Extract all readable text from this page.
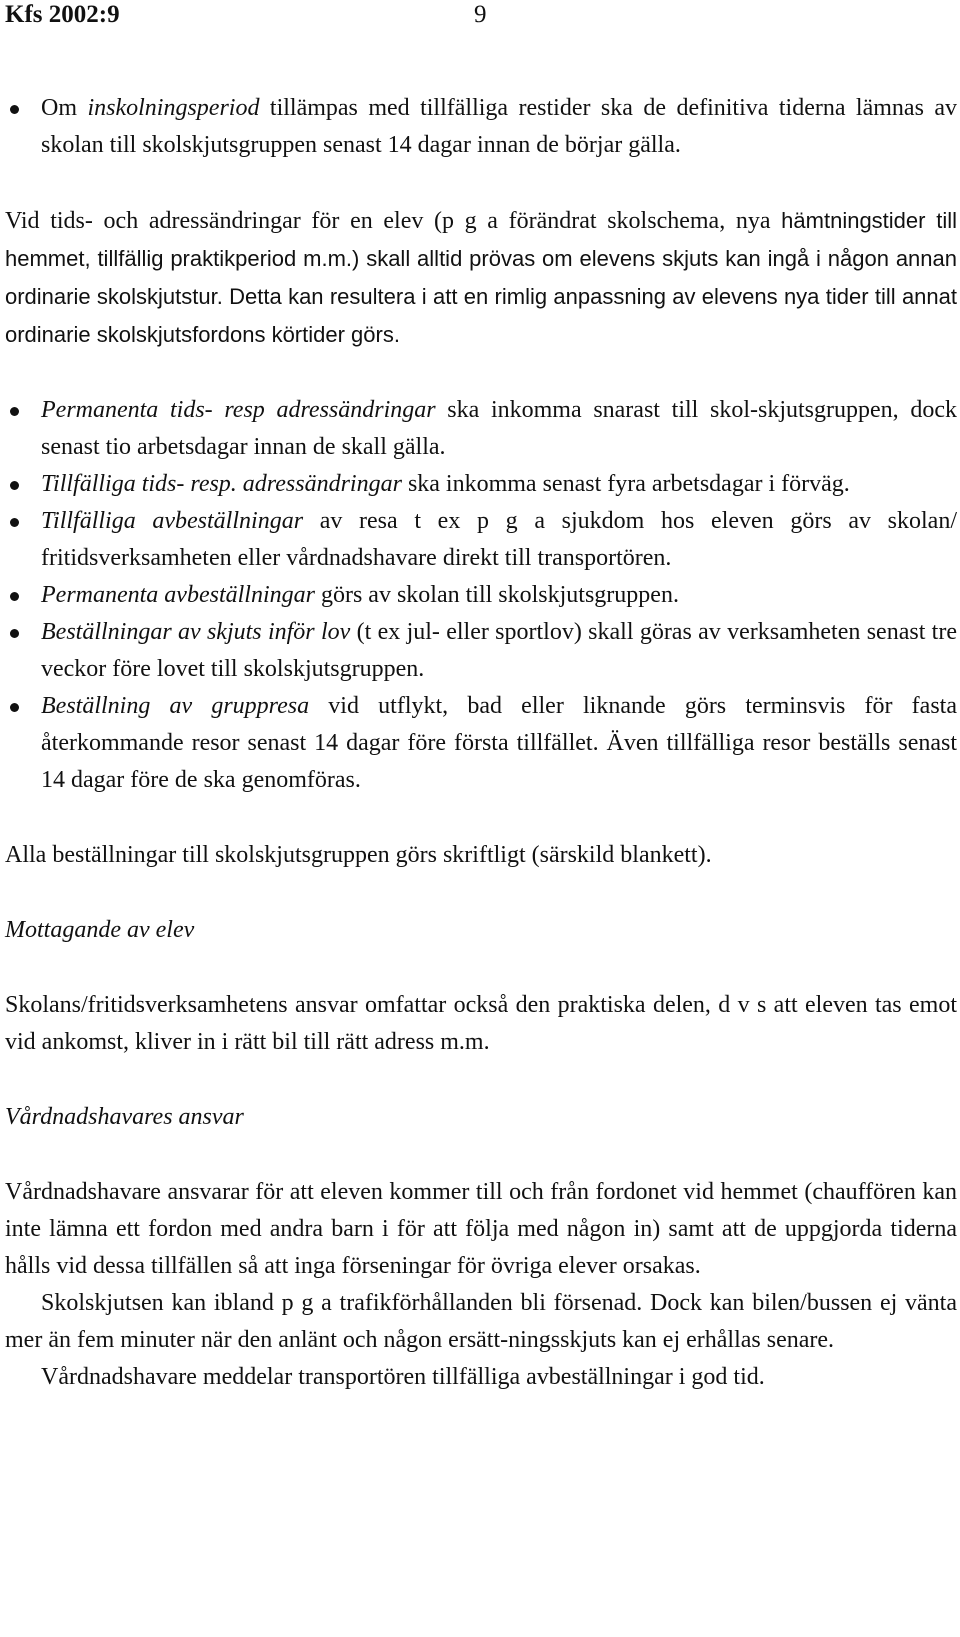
Kfs 2002:9	9

Om inskolningsperiod tillämpas med tillfälliga restider ska de definitiva tiderna lämnas av skolan till skolskjutsgruppen senast 14 dagar innan de börjar gälla.

Vid tids- och adressändringar för en elev (p g a förändrat skolschema, nya hämtningstider till hemmet, tillfällig praktikperiod m.m.) skall alltid prövas om elevens skjuts kan ingå i någon annan ordinarie skolskjutstur. Detta kan resultera i att en rimlig anpassning av elevens nya tider till annat ordinarie skolskjutsfordons körtider görs.

Permanenta tids- resp adressändringar ska inkomma snarast till skol-skjutsgruppen, dock senast tio arbetsdagar innan de skall gälla.

Tillfälliga tids- resp. adressändringar ska inkomma senast fyra arbetsdagar i förväg.

Tillfälliga avbeställningar av resa t ex p g a sjukdom hos eleven görs av skolan/ fritidsverksamheten eller vårdnadshavare direkt till transportören.

Permanenta avbeställningar görs av skolan till skolskjutsgruppen.

Beställningar av skjuts inför lov (t ex jul- eller sportlov) skall göras av verksamheten senast tre veckor före lovet till skolskjutsgruppen.

Beställning av gruppresa vid utflykt, bad eller liknande görs terminsvis för fasta återkommande resor senast 14 dagar före första tillfället. Även tillfälliga resor beställs senast 14 dagar före de ska genomföras.

Alla beställningar till skolskjutsgruppen görs skriftligt (särskild blankett).

Mottagande av elev

Skolans/fritidsverksamhetens ansvar omfattar också den praktiska delen, d v s att eleven tas emot vid ankomst, kliver in i rätt bil till rätt adress m.m.

Vårdnadshavares ansvar

Vårdnadshavare ansvarar för att eleven kommer till och från fordonet vid hemmet (chauffören kan inte lämna ett fordon med andra barn i för att följa med någon in) samt att de uppgjorda tiderna hålls vid dessa tillfällen så att inga förseningar för övriga elever orsakas.

Skolskjutsen kan ibland p g a trafikförhållanden bli försenad. Dock kan bilen/bussen ej vänta mer än fem minuter när den anlänt och någon ersätt-ningsskjuts kan ej erhållas senare.

Vårdnadshavare meddelar transportören tillfälliga avbeställningar i god tid.
